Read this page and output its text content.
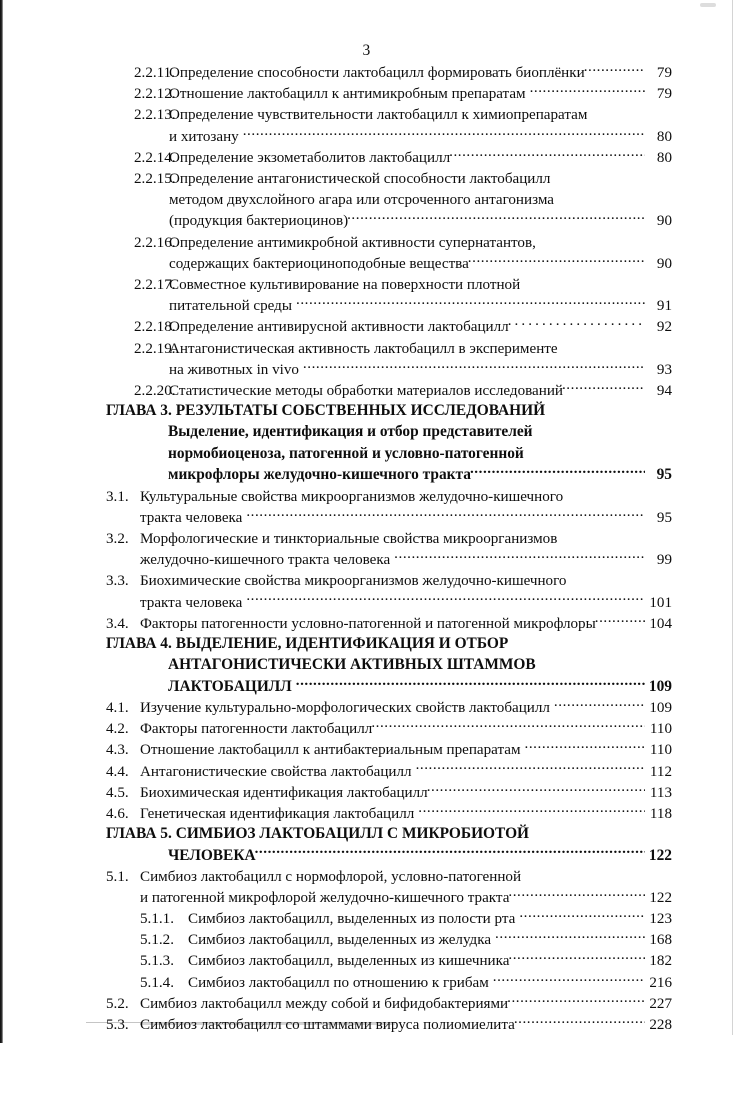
3
2.2.11.
Определение способности лактобацилл формировать биоплёнки .....	79
2.2.12.
Отношение лактобацилл к антимикробным препаратам .....	79
2.2.13.
Определение чувствительности лактобацилл к химиопрепаратам
и хитозану .....	80
2.2.14.
Определение экзометаболитов лактобацилл .....	80
2.2.15.
Определение антагонистической способности лактобацилл
методом двухслойного агара или отсроченного антагонизма
(продукция бактериоцинов) .....	90
2.2.16.
Определение антимикробной активности супернатантов,
содержащих бактериоциноподобные вещества .....	90
2.2.17.
Совместное культивирование на поверхности плотной
питательной среды .....	91
2.2.18.
Определение антивирусной активности лактобацилл .....	92
2.2.19.
Антагонистическая активность лактобацилл в эксперименте
на животных in vivo .....	93
2.2.20.
Статистические методы обработки материалов исследований .....	94
ГЛАВА 3. РЕЗУЛЬТАТЫ СОБСТВЕННЫХ ИССЛЕДОВАНИЙ
Выделение, идентификация и отбор представителей
нормобиоценоза, патогенной и условно-патогенной
микрофлоры желудочно-кишечного тракта .....	95
3.1. Культуральные свойства микроорганизмов желудочно-кишечного
тракта человека .....	95
3.2. Морфологические и тинкториальные свойства микроорганизмов
желудочно-кишечного тракта человека .....	99
3.3. Биохимические свойства микроорганизмов желудочно-кишечного
тракта человека .....	101
3.4. Факторы патогенности условно-патогенной и патогенной микрофлоры .....	104
ГЛАВА 4. ВЫДЕЛЕНИЕ, ИДЕНТИФИКАЦИЯ И ОТБОР
АНТАГОНИСТИЧЕСКИ АКТИВНЫХ ШТАММОВ
ЛАКТОБАЦИЛЛ .....	109
4.1. Изучение культурально-морфологических свойств лактобацилл .....	109
4.2. Факторы патогенности лактобацилл .....	110
4.3. Отношение лактобацилл к антибактериальным препаратам .....	110
4.4. Антагонистические свойства лактобацилл .....	112
4.5. Биохимическая идентификация лактобацилл .....	113
4.6. Генетическая идентификация лактобацилл .....	118
ГЛАВА 5. СИМБИОЗ ЛАКТОБАЦИЛЛ С МИКРОБИОТОЙ
ЧЕЛОВЕКА .....	122
5.1. Симбиоз лактобацилл с нормофлорой, условно-патогенной
и патогенной микрофлорой желудочно-кишечного тракта .....	122
5.1.1. Симбиоз лактобацилл, выделенных из полости рта .....	123
5.1.2. Симбиоз лактобацилл, выделенных из желудка .....	168
5.1.3. Симбиоз лактобацилл, выделенных из кишечника .....	182
5.1.4. Симбиоз лактобацилл по отношению к грибам .....	216
5.2. Симбиоз лактобацилл между собой и бифидобактериями .....	227
5.3. Симбиоз лактобацилл со штаммами вируса полиомиелита .....	228
